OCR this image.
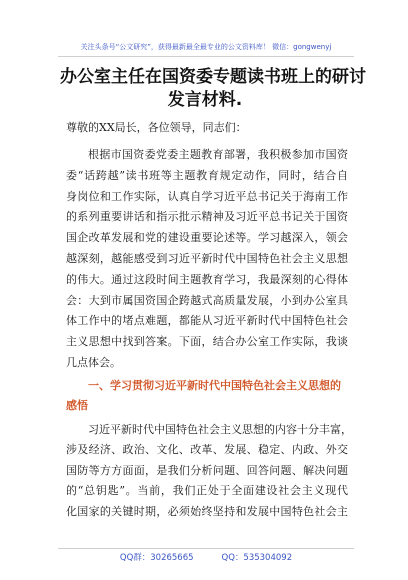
关注头条号“公文研究”，获得最新最全最专业的公文资料库！ 微信：gongwenyj
办公室主任在国资委专题读书班上的研讨
发言材料.
尊敬的XX局长，各位领导，同志们：
根据市国资委党委主题教育部署，我积极参加市国资
委“话跨越”读书班等主题教育规定动作，同时，结合自
身岗位和工作实际，认真自学习近平总书记关于海南工作
的系列重要讲话和指示批示精神及习近平总书记关于国资
国企改革发展和党的建设重要论述等。学习越深入，领会
越深刻，越能感受到习近平新时代中国特色社会主义思想
的伟大。通过这段时间主题教育学习，我最深刻的心得体
会：大到市属国资国企跨越式高质量发展，小到办公室具
体工作中的堵点难题，都能从习近平新时代中国特色社会
主义思想中找到答案。下面，结合办公室工作实际，我谈
几点体会。
一、学习贯彻习近平新时代中国特色社会主义思想的
感悟
习近平新时代中国特色社会主义思想的内容十分丰富，
涉及经济、政治、文化、改革、发展、稳定、内政、外交
国防等方方面面，是我们分析问题、回答问题、解决问题
的“总钥匙”。当前，我们正处于全面建设社会主义现代
化国家的关键时期，必须始终坚持和发展中国特色社会主
QQ群：30265665	QQ：535304092
